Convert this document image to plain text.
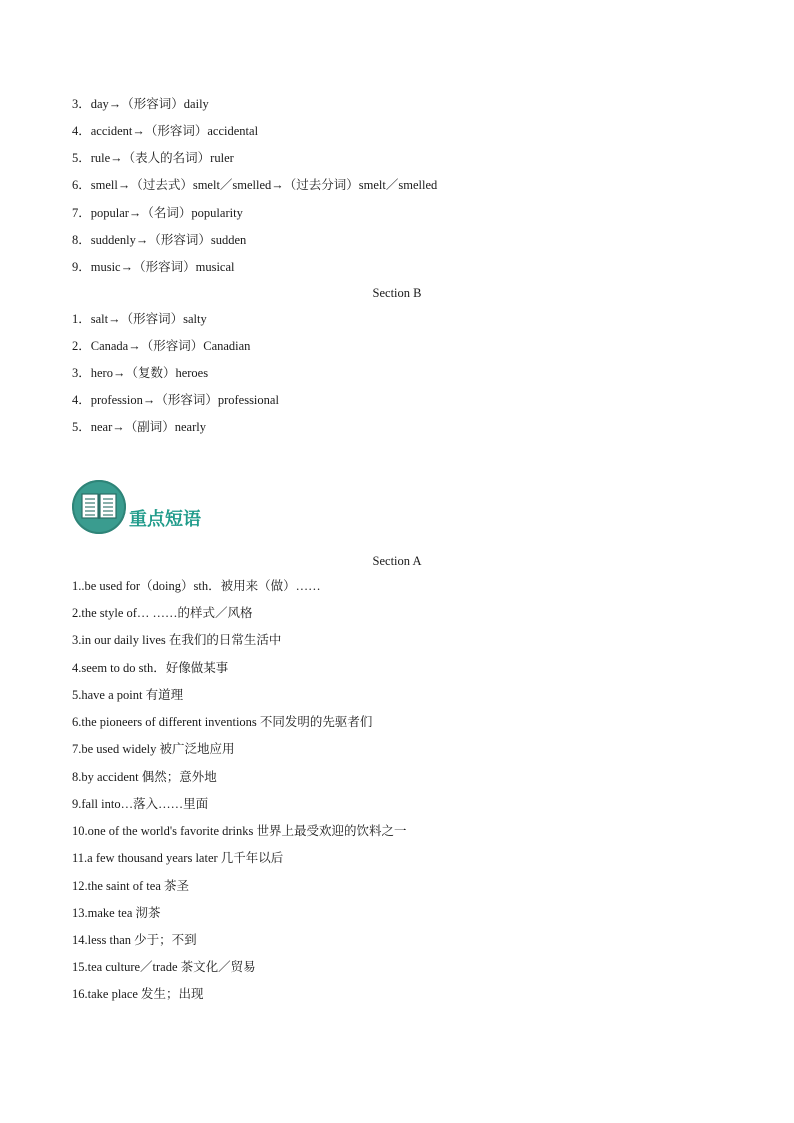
3．day→（形容词）daily
4．accident→（形容词）accidental
5．rule→（表人的名词）ruler
6．smell→（过去式）smelt／smelled→（过去分词）smelt／smelled
7．popular→（名词）popularity
8．suddenly→（形容词）sudden
9．music→（形容词）musical
Section B
1．salt→（形容词）salty
2．Canada→（形容词）Canadian
3．hero→（复数）heroes
4．profession→（形容词）professional
5．near→（副词）nearly
重点短语
Section A
1..be used for（doing）sth．被用来（做）……
2.the style of… ……的样式／风格
3.in our daily lives 在我们的日常生活中
4.seem to do sth．好像做某事
5.have a point 有道理
6.the pioneers of different inventions 不同发明的先驱者们
7.be used widely 被广泛地应用
8.by accident 偶然；意外地
9.fall into…落入……里面
10.one of the world's favorite drinks 世界上最受欢迎的饮料之一
11.a few thousand years later 几千年以后
12.the saint of tea 茶圣
13.make tea 沏茶
14.less than 少于；不到
15.tea culture／trade 茶文化／贸易
16.take place 发生；出现
